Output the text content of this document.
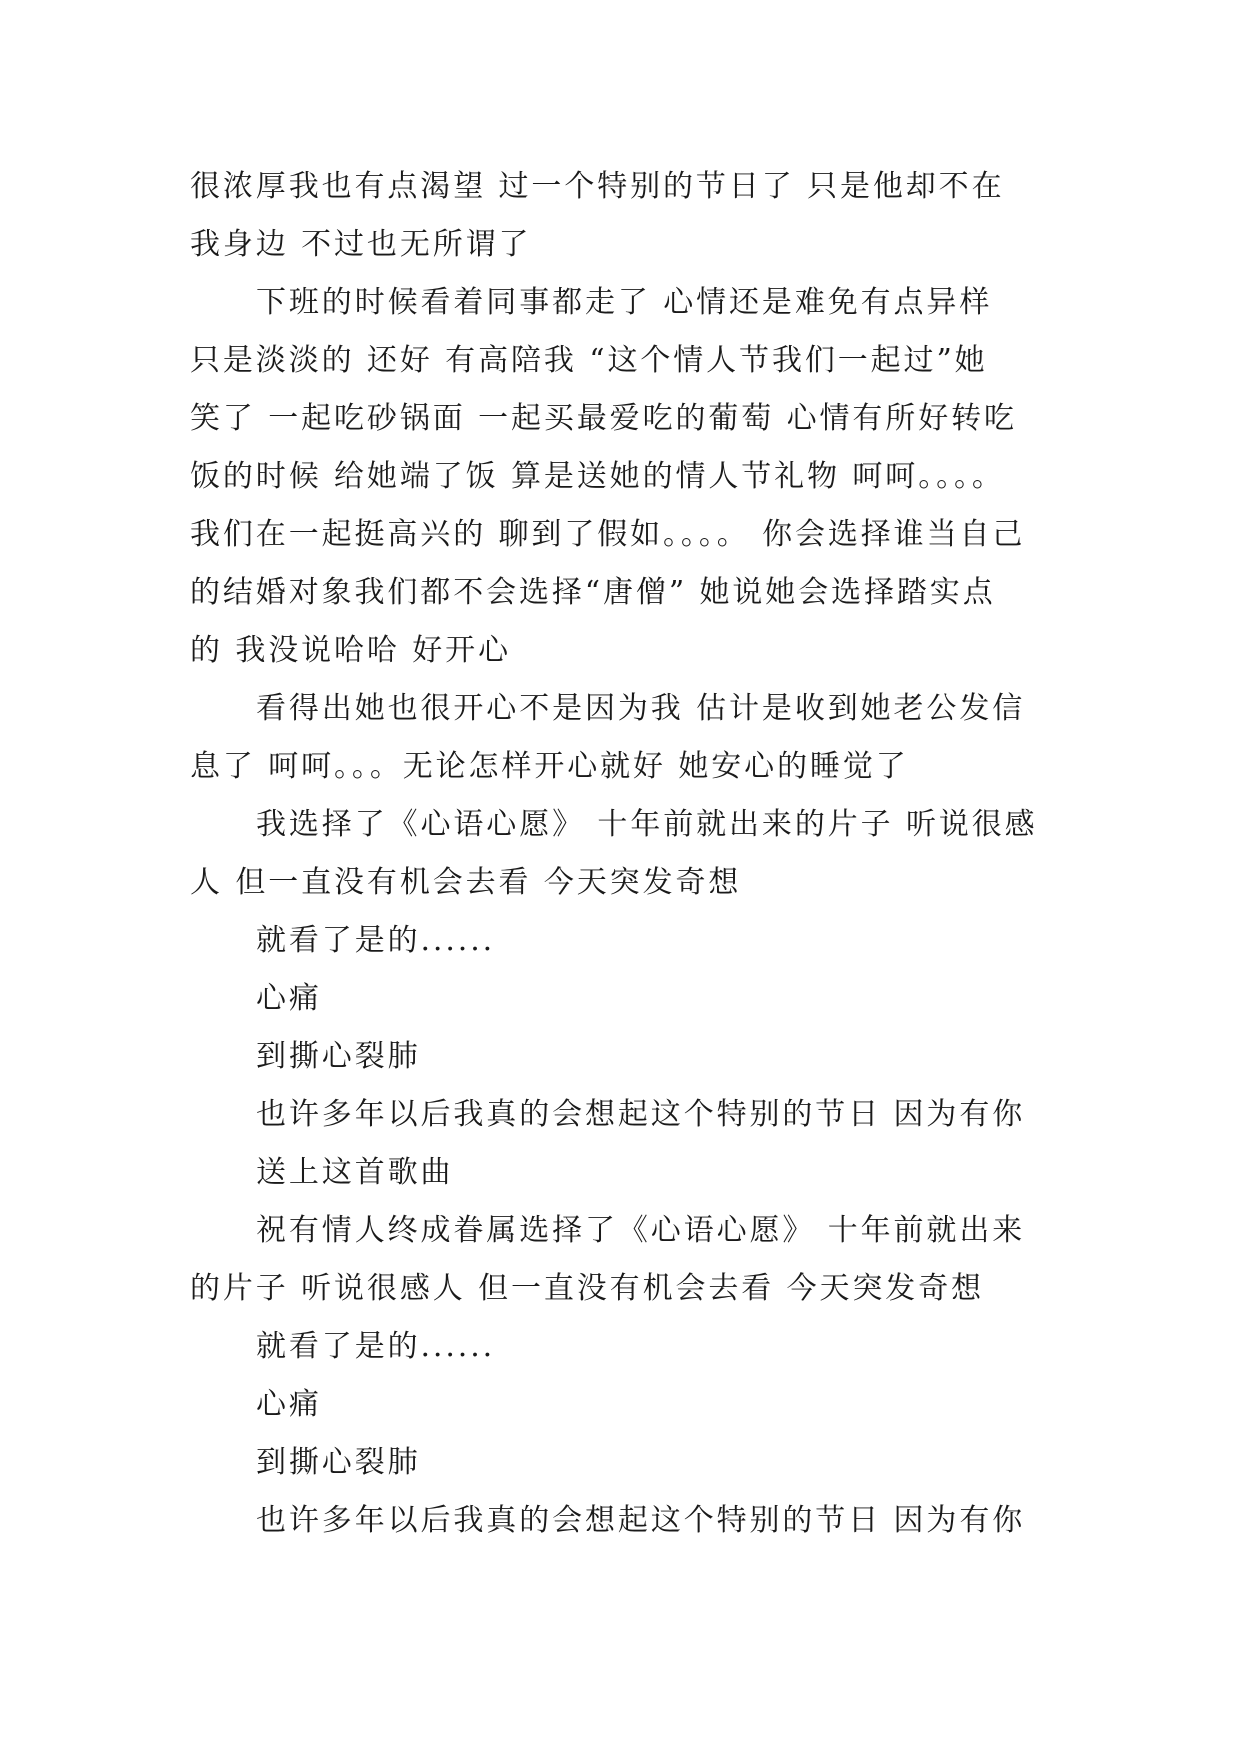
很浓厚我也有点渴望 过一个特别的节日了 只是他却不在
我身边 不过也无所谓了
下班的时候看着同事都走了 心情还是难免有点异样
只是淡淡的 还好 有高陪我 “这个情人节我们一起过”她
笑了 一起吃砂锅面 一起买最爱吃的葡萄 心情有所好转吃
饭的时候 给她端了饭 算是送她的情人节礼物 呵呵。。。。
我们在一起挺高兴的 聊到了假如。。。。 你会选择谁当自己
的结婚对象我们都不会选择“唐僧” 她说她会选择踏实点
的 我没说哈哈 好开心
看得出她也很开心不是因为我 估计是收到她老公发信
息了 呵呵。。。无论怎样开心就好 她安心的睡觉了
我选择了《心语心愿》 十年前就出来的片子 听说很感
人 但一直没有机会去看 今天突发奇想
就看了是的......
心痛
到撕心裂肺
也许多年以后我真的会想起这个特别的节日 因为有你
送上这首歌曲
祝有情人终成眷属选择了《心语心愿》 十年前就出来
的片子 听说很感人 但一直没有机会去看 今天突发奇想
就看了是的......
心痛
到撕心裂肺
也许多年以后我真的会想起这个特别的节日 因为有你
